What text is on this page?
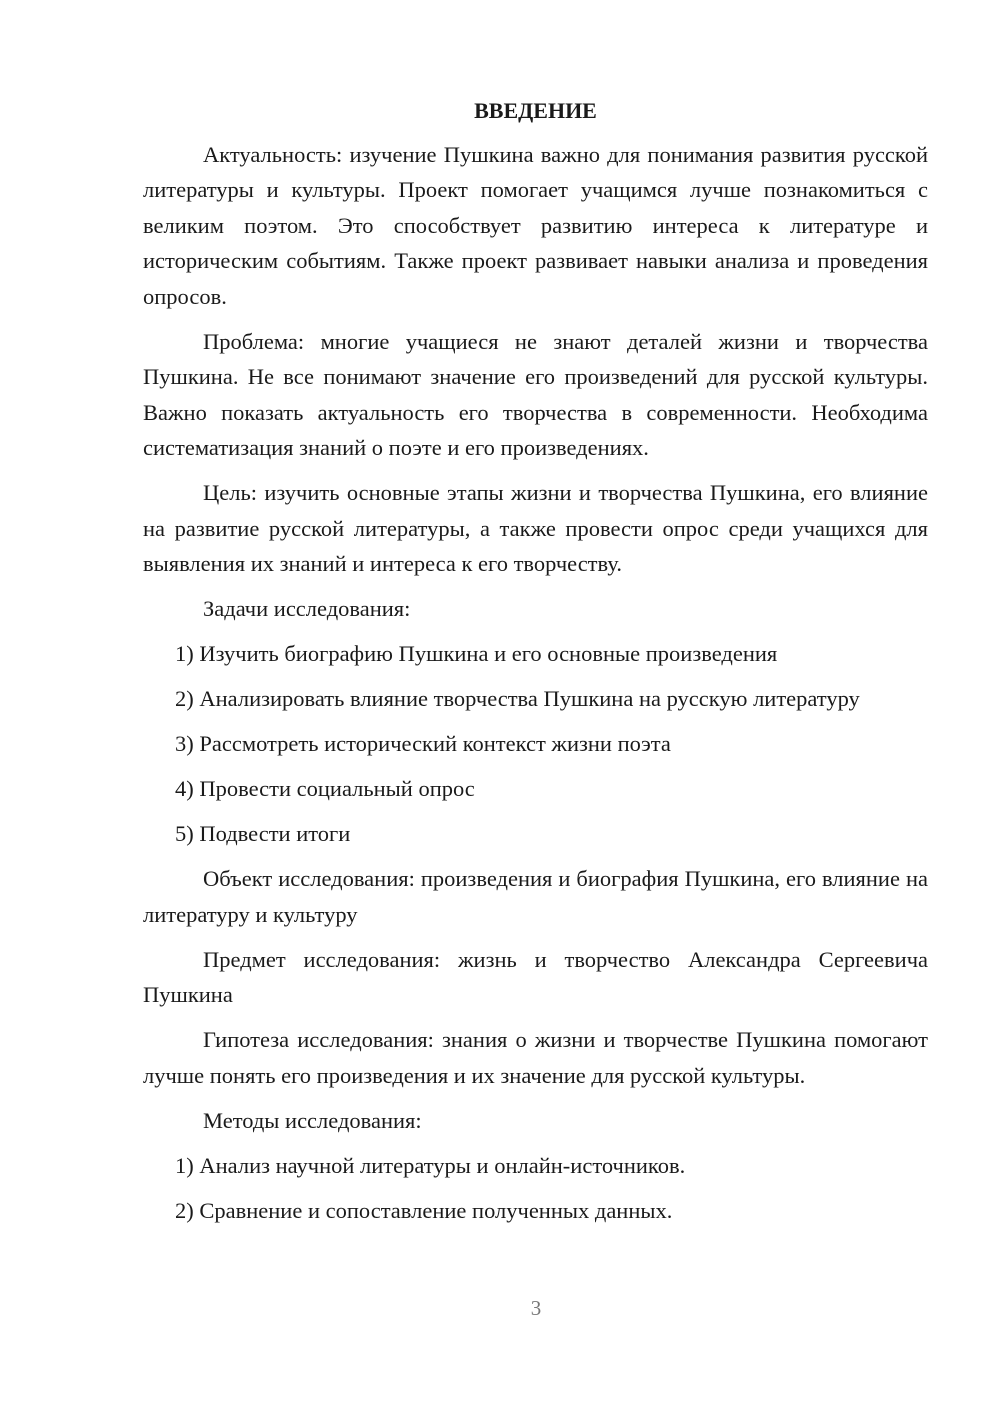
ВВЕДЕНИЕ

Актуальность: изучение Пушкина важно для понимания развития русской литературы и культуры. Проект помогает учащимся лучше познакомиться с великим поэтом. Это способствует развитию интереса к литературе и историческим событиям. Также проект развивает навыки анализа и проведения опросов.

Проблема: многие учащиеся не знают деталей жизни и творчества Пушкина. Не все понимают значение его произведений для русской культуры. Важно показать актуальность его творчества в современности. Необходима систематизация знаний о поэте и его произведениях.

Цель: изучить основные этапы жизни и творчества Пушкина, его влияние на развитие русской литературы, а также провести опрос среди учащихся для выявления их знаний и интереса к его творчеству.

Задачи исследования:

1) Изучить биографию Пушкина и его основные произведения

2) Анализировать влияние творчества Пушкина на русскую литературу

3) Рассмотреть исторический контекст жизни поэта

4) Провести социальный опрос

5) Подвести итоги

Объект исследования: произведения и биография Пушкина, его влияние на литературу и культуру

Предмет исследования: жизнь и творчество Александра Сергеевича Пушкина

Гипотеза исследования: знания о жизни и творчестве Пушкина помогают лучше понять его произведения и их значение для русской культуры.

Методы исследования:

1) Анализ научной литературы и онлайн-источников.

2) Сравнение и сопоставление полученных данных.

3
